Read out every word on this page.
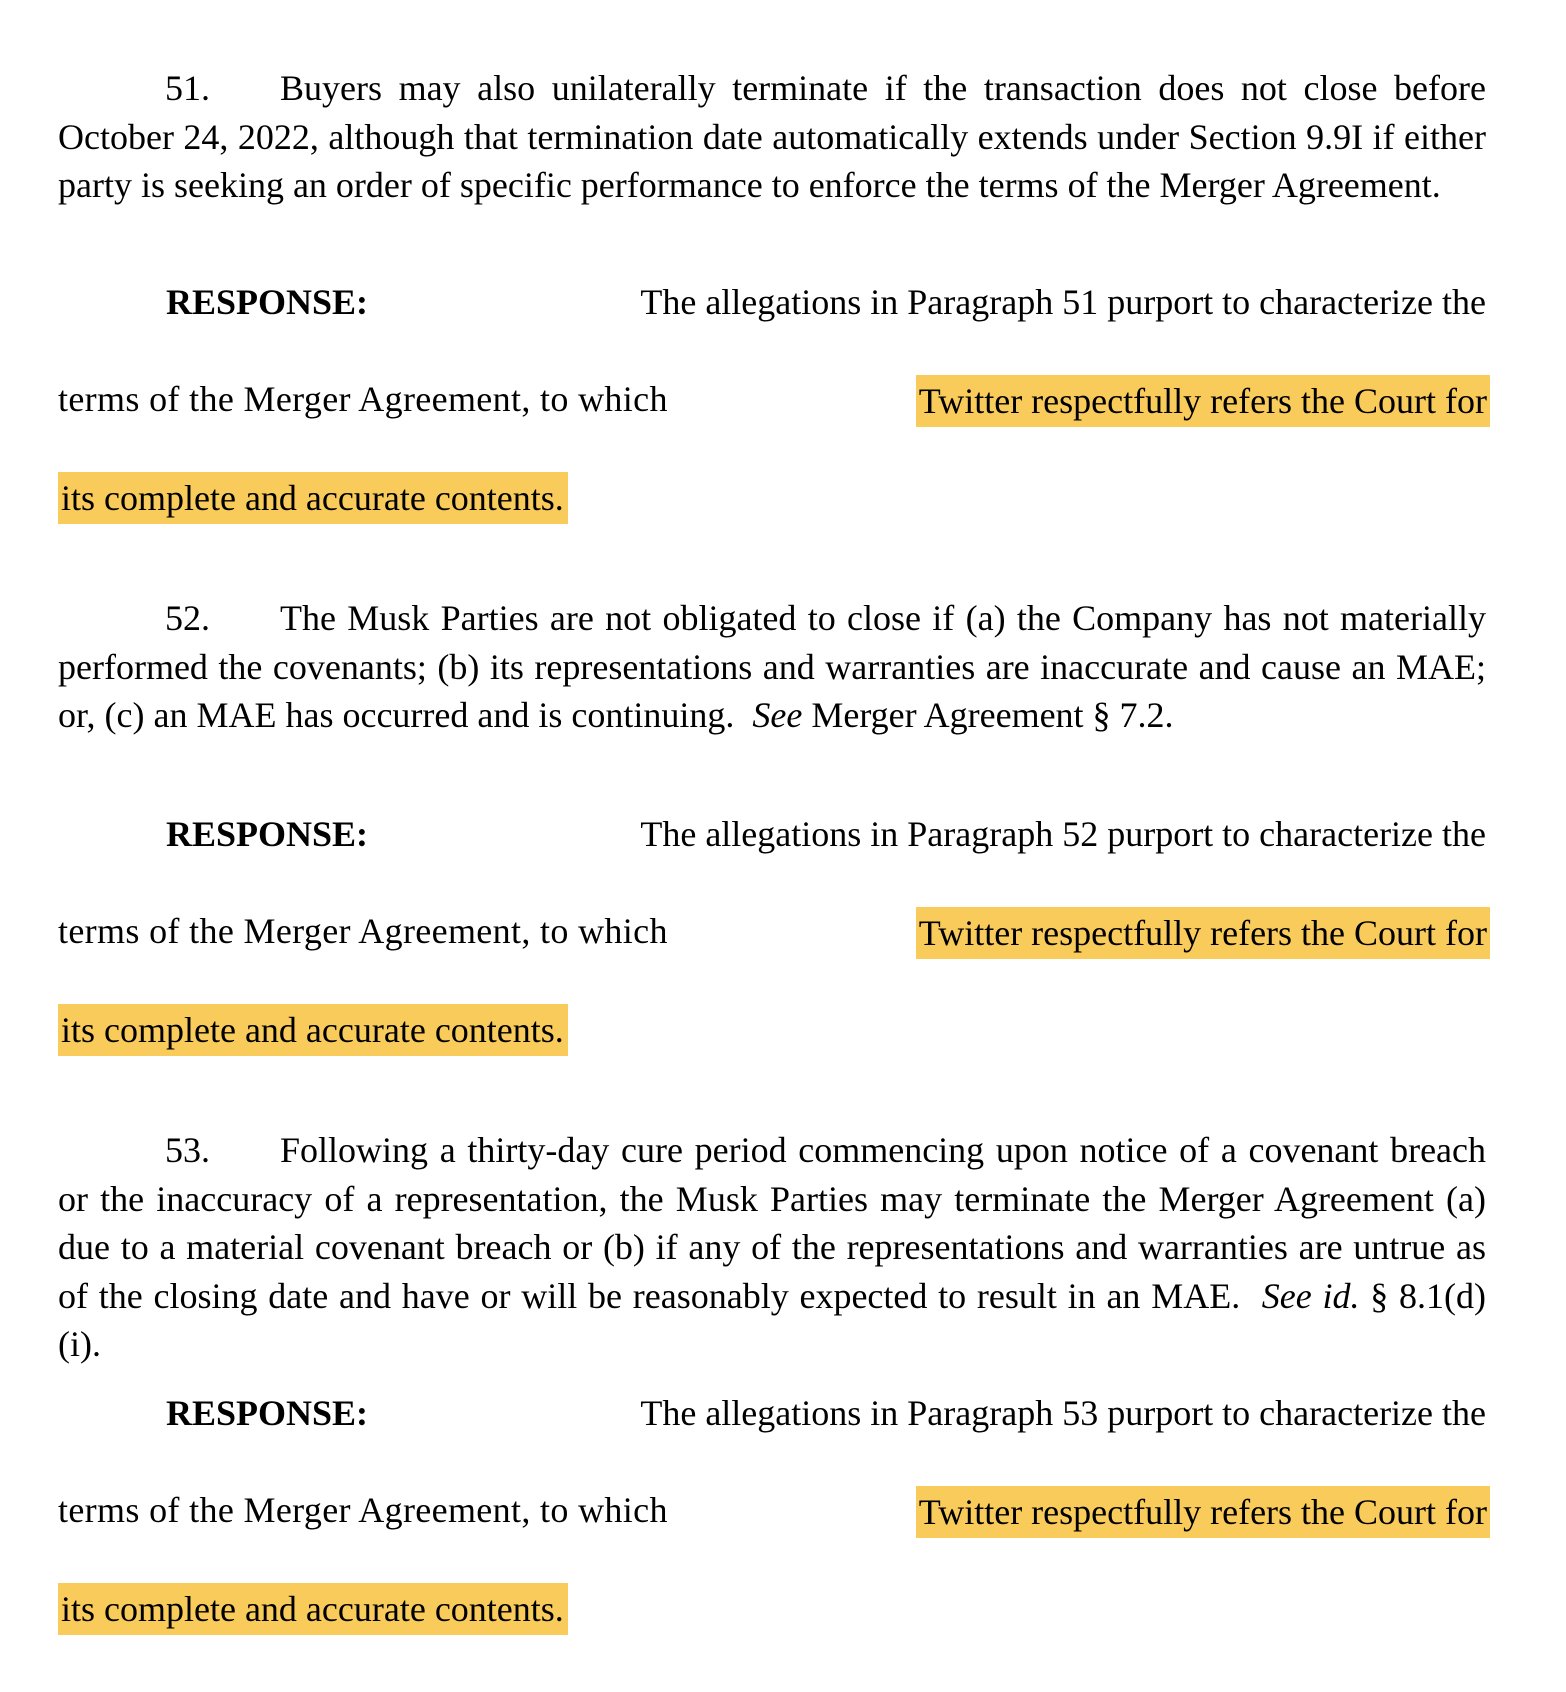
51. Buyers may also unilaterally terminate if the transaction does not close before October 24, 2022, although that termination date automatically extends under Section 9.9I if either party is seeking an order of specific performance to enforce the terms of the Merger Agreement.

RESPONSE:	The allegations in Paragraph 51 purport to characterize the
terms of the Merger Agreement, to which	Twitter respectfully refers the Court for
its complete and accurate contents.

52. The Musk Parties are not obligated to close if (a) the Company has not materially performed the covenants; (b) its representations and warranties are inaccurate and cause an MAE; or, (c) an MAE has occurred and is continuing. See Merger Agreement § 7.2.

RESPONSE:	The allegations in Paragraph 52 purport to characterize the
terms of the Merger Agreement, to which	Twitter respectfully refers the Court for
its complete and accurate contents.

53. Following a thirty-day cure period commencing upon notice of a covenant breach or the inaccuracy of a representation, the Musk Parties may terminate the Merger Agreement (a) due to a material covenant breach or (b) if any of the representations and warranties are untrue as of the closing date and have or will be reasonably expected to result in an MAE. See id. § 8.1(d)(i).

RESPONSE:	The allegations in Paragraph 53 purport to characterize the
terms of the Merger Agreement, to which	Twitter respectfully refers the Court for
its complete and accurate contents.
